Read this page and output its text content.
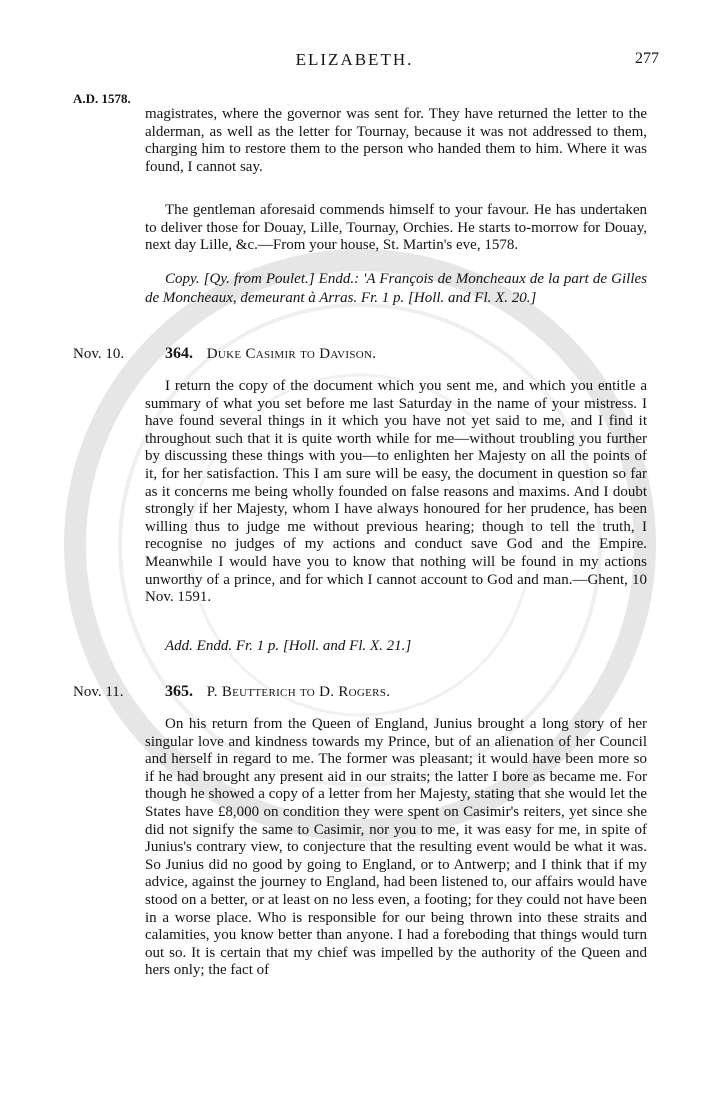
ELIZABETH.	277
A.D. 1578.

magistrates, where the governor was sent for. They have returned the letter to the alderman, as well as the letter for Tournay, because it was not addressed to them, charging him to restore them to the person who handed them to him. Where it was found, I cannot say.

The gentleman aforesaid commends himself to your favour. He has undertaken to deliver those for Douay, Lille, Tournay, Orchies. He starts to-morrow for Douay, next day Lille, &c.—From your house, St. Martin's eve, 1578.

Copy. [Qy. from Poulet.] Endd.: 'A François de Moncheaux de la part de Gilles de Moncheaux, demeurant à Arras. Fr. 1 p. [Holl. and Fl. X. 20.]

Nov. 10.	364. Duke Casimir to Davison.

I return the copy of the document which you sent me, and which you entitle a summary of what you set before me last Saturday in the name of your mistress. I have found several things in it which you have not yet said to me, and I find it throughout such that it is quite worth while for me—without troubling you further by discussing these things with you—to enlighten her Majesty on all the points of it, for her satisfaction. This I am sure will be easy, the document in question so far as it concerns me being wholly founded on false reasons and maxims. And I doubt strongly if her Majesty, whom I have always honoured for her prudence, has been willing thus to judge me without previous hearing; though to tell the truth, I recognise no judges of my actions and conduct save God and the Empire. Meanwhile I would have you to know that nothing will be found in my actions unworthy of a prince, and for which I cannot account to God and man.—Ghent, 10 Nov. 1591.

Add. Endd. Fr. 1 p. [Holl. and Fl. X. 21.]

Nov. 11.	365. P. Beutterich to D. Rogers.

On his return from the Queen of England, Junius brought a long story of her singular love and kindness towards my Prince, but of an alienation of her Council and herself in regard to me. The former was pleasant; it would have been more so if he had brought any present aid in our straits; the latter I bore as became me. For though he showed a copy of a letter from her Majesty, stating that she would let the States have £8,000 on condition they were spent on Casimir's reiters, yet since she did not signify the same to Casimir, nor you to me, it was easy for me, in spite of Junius's contrary view, to conjecture that the resulting event would be what it was. So Junius did no good by going to England, or to Antwerp; and I think that if my advice, against the journey to England, had been listened to, our affairs would have stood on a better, or at least on no less even, a footing; for they could not have been in a worse place. Who is responsible for our being thrown into these straits and calamities, you know better than anyone. I had a foreboding that things would turn out so. It is certain that my chief was impelled by the authority of the Queen and hers only; the fact of
